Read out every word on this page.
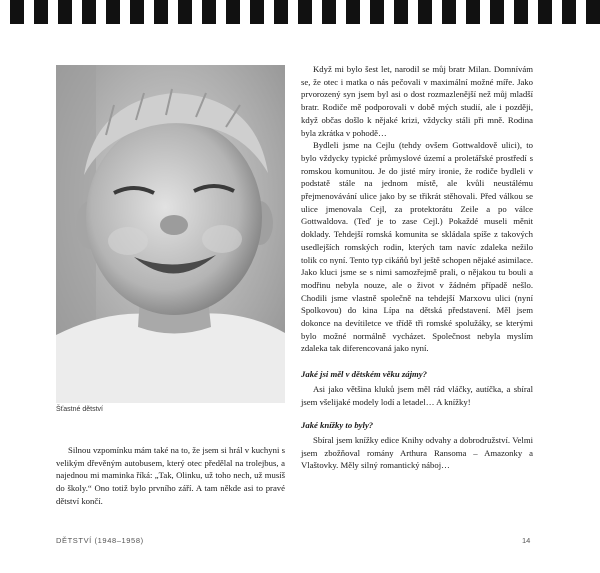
Šťastné dětství

Silnou vzpomínku mám také na to, že jsem si hrál v kuchyni s velikým dřevěným autobusem, který otec předělal na trolejbus, a najednou mi maminka říká: „Tak, Olinku, už toho nech, už musíš do školy.“ Ono totiž bylo prvního září. A tam někde asi to pravé dětství končí.

Když mi bylo šest let, narodil se můj bratr Milan. Domnívám se, že otec i matka o nás pečovali v maximální možné míře. Jako prvorozený syn jsem byl asi o dost rozmazlenější než můj mladší bratr. Rodiče mě podporovali v době mých studií, ale i později, když občas došlo k nějaké krizi, vždycky stáli při mně. Rodina byla zkrátka v pohodě…

Bydleli jsme na Cejlu (tehdy ovšem Gottwaldově ulici), to bylo vždycky typické průmyslové území a proletářské prostředí s romskou komunitou. Je do jisté míry ironie, že rodiče bydleli v podstatě stále na jednom místě, ale kvůli neustálému přejmenovávání ulice jako by se třikrát stěhovali. Před válkou se ulice jmenovala Cejl, za protektorátu Zeile a po válce Gottwaldova. (Teď je to zase Cejl.) Pokaždé museli měnit doklady. Tehdejší romská komunita se skládala spíše z takových usedlejších romských rodin, kterých tam navíc zdaleka nežilo tolik co nyní. Tento typ cikáňů byl ještě schopen nějaké asimilace. Jako kluci jsme se s nimi samozřejmě prali, o nějakou tu bouli a modřinu nebyla nouze, ale o život v žádném případě nešlo. Chodili jsme vlastně společně na tehdejší Marxovu ulici (nyní Spolkovou) do kina Lípa na dětská představení. Měl jsem dokonce na devítiletce ve třídě tři romské spolužáky, se kterými bylo možné normálně vycházet. Společnost nebyla myslím zdaleka tak diferencovaná jako nyní.

Jaké jsi měl v dětském věku zájmy?

Asi jako většina kluků jsem měl rád vláčky, autíčka, a sbíral jsem všelijaké modely lodí a letadel… A knížky!

Jaké knížky to byly?

Sbíral jsem knížky edice Knihy odvahy a dobrodružství. Velmi jsem zbožňoval romány Arthura Ransoma – Amazonky a Vlaštovky. Měly silný romantický náboj…

DĚTSTVÍ (1948–1958)	14
